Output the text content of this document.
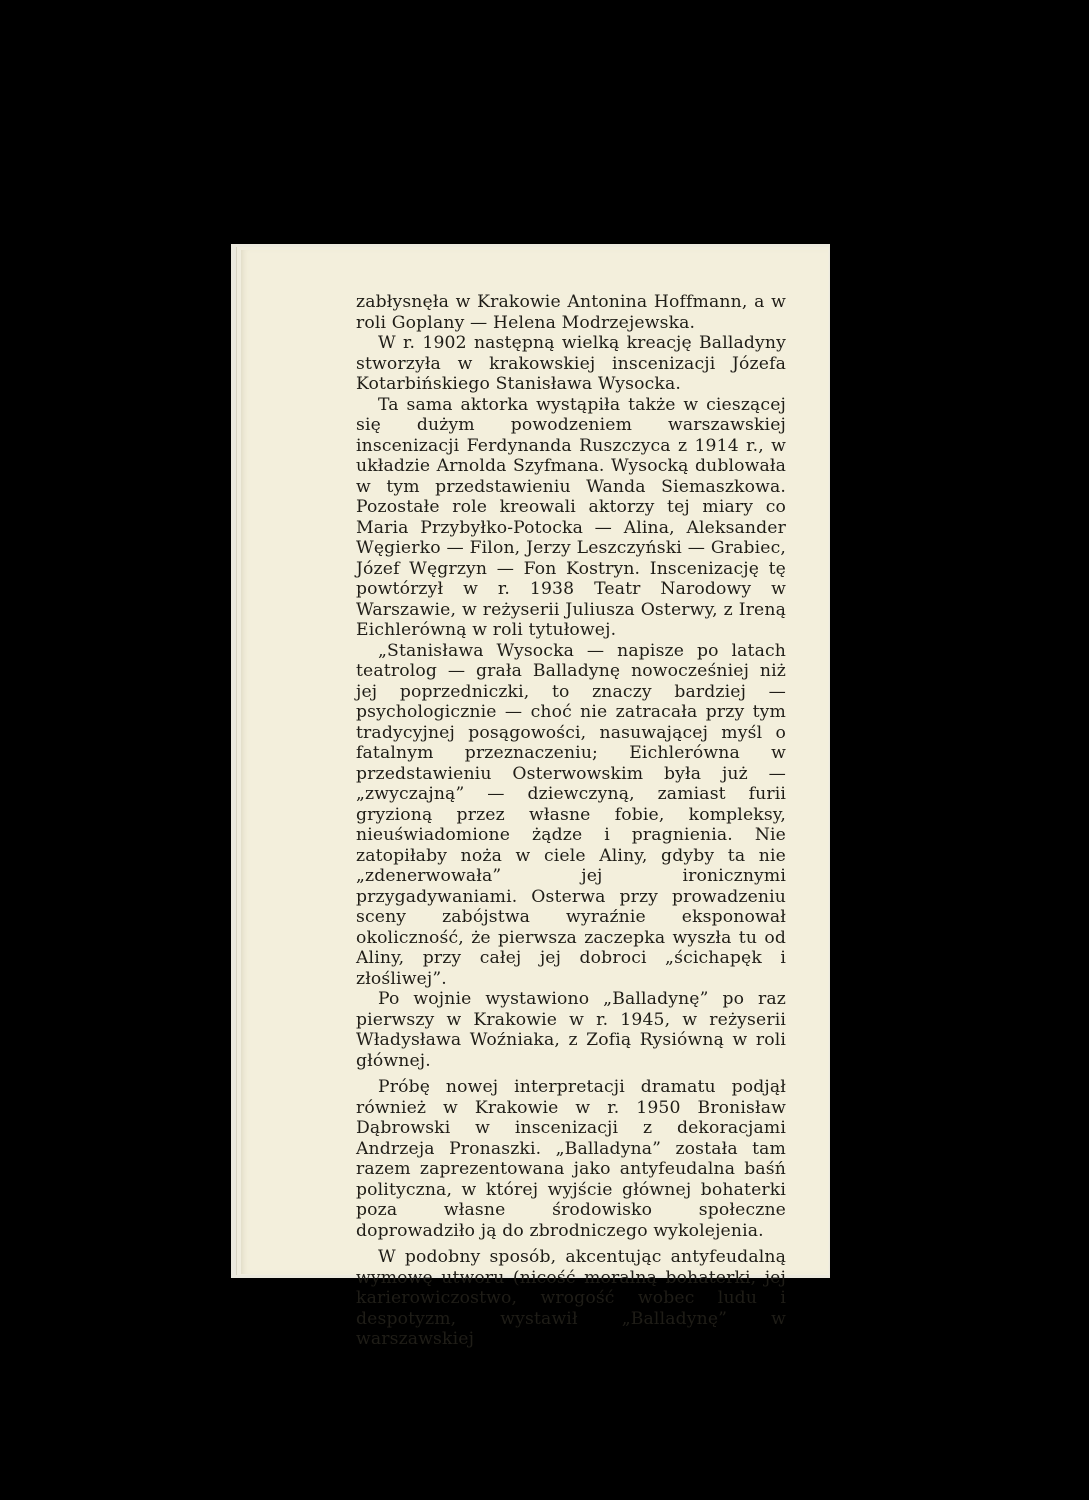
zabłysnęła w Krakowie Antonina Hoffmann, a w roli Goplany — Helena Modrzejewska.

W r. 1902 następną wielką kreację Balladyny stworzyła w krakowskiej inscenizacji Józefa Kotarbińskiego Stanisława Wysocka.

Ta sama aktorka wystąpiła także w cieszącej się dużym powodzeniem warszawskiej inscenizacji Ferdynanda Ruszczyca z 1914 r., w układzie Arnolda Szyfmana. Wysocką dublowała w tym przedstawieniu Wanda Siemaszkowa. Pozostałe role kreowali aktorzy tej miary co Maria Przybyłko-Potocka — Alina, Aleksander Węgierko — Filon, Jerzy Leszczyński — Grabiec, Józef Węgrzyn — Fon Kostryn. Inscenizację tę powtórzył w r. 1938 Teatr Narodowy w Warszawie, w reżyserii Juliusza Osterwy, z Ireną Eichlerówną w roli tytułowej.

„Stanisława Wysocka — napisze po latach teatrolog — grała Balladynę nowocześniej niż jej poprzedniczki, to znaczy bardziej — psychologicznie — choć nie zatracała przy tym tradycyjnej posągowości, nasuwającej myśl o fatalnym przeznaczeniu; Eichlerówna w przedstawieniu Osterwowskim była już — „zwyczajną” — dziewczyną, zamiast furii gryzioną przez własne fobie, kompleksy, nieuświadomione żądze i pragnienia. Nie zatopiłaby noża w ciele Aliny, gdyby ta nie „zdenerwowała” jej ironicznymi przygadywaniami. Osterwa przy prowadzeniu sceny zabójstwa wyraźnie eksponował okoliczność, że pierwsza zaczepka wyszła tu od Aliny, przy całej jej dobroci „ścichapęk i złośliwej”.

Po wojnie wystawiono „Balladynę” po raz pierwszy w Krakowie w r. 1945, w reżyserii Władysława Woźniaka, z Zofią Rysiówną w roli głównej.

Próbę nowej interpretacji dramatu podjął również w Krakowie w r. 1950 Bronisław Dąbrowski w inscenizacji z dekoracjami Andrzeja Pronaszki. „Balladyna” została tam razem zaprezentowana jako antyfeudalna baśń polityczna, w której wyjście głównej bohaterki poza własne środowisko społeczne doprowadziło ją do zbrodniczego wykolejenia.

W podobny sposób, akcentując antyfeudalną wymowę utworu (nicość moralną bohaterki, jej karierowiczostwo, wrogość wobec ludu i despotyzm, wystawił „Balladynę” w warszawskiej
